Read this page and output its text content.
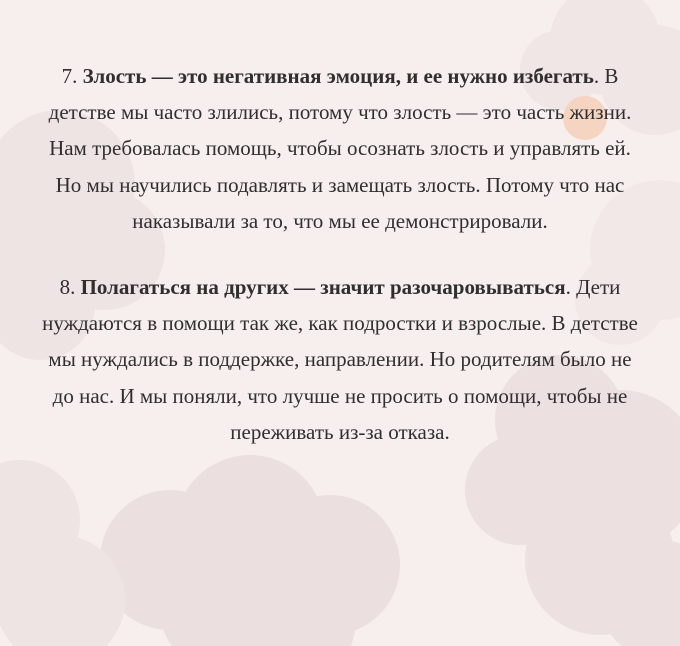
7. Злость — это негативная эмоция, и ее нужно избегать. В детстве мы часто злились, потому что злость — это часть жизни. Нам требовалась помощь, чтобы осознать злость и управлять ей. Но мы научились подавлять и замещать злость. Потому что нас наказывали за то, что мы ее демонстрировали.

8. Полагаться на других — значит разочаровываться. Дети нуждаются в помощи так же, как подростки и взрослые. В детстве мы нуждались в поддержке, направлении. Но родителям было не до нас. И мы поняли, что лучше не просить о помощи, чтобы не переживать из-за отказа.
